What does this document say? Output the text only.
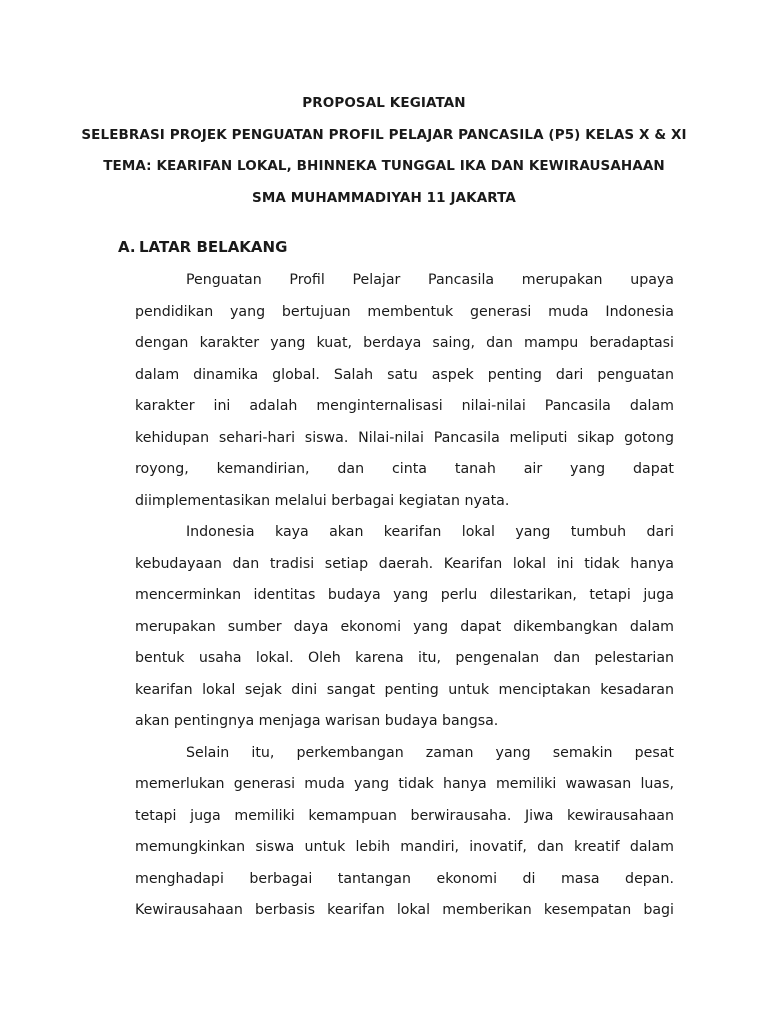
PROPOSAL KEGIATAN
SELEBRASI PROJEK PENGUATAN PROFIL PELAJAR PANCASILA (P5) KELAS X & XI
TEMA: KEARIFAN LOKAL, BHINNEKA TUNGGAL IKA DAN KEWIRAUSAHAAN
SMA MUHAMMADIYAH 11 JAKARTA
A. LATAR BELAKANG
Penguatan Profil Pelajar Pancasila merupakan upaya
pendidikan yang bertujuan membentuk generasi muda Indonesia
dengan karakter yang kuat, berdaya saing, dan mampu beradaptasi
dalam dinamika global. Salah satu aspek penting dari penguatan
karakter ini adalah menginternalisasi nilai-nilai Pancasila dalam
kehidupan sehari-hari siswa. Nilai-nilai Pancasila meliputi sikap gotong
royong, kemandirian, dan cinta tanah air yang dapat
diimplementasikan melalui berbagai kegiatan nyata.
Indonesia kaya akan kearifan lokal yang tumbuh dari
kebudayaan dan tradisi setiap daerah. Kearifan lokal ini tidak hanya
mencerminkan identitas budaya yang perlu dilestarikan, tetapi juga
merupakan sumber daya ekonomi yang dapat dikembangkan dalam
bentuk usaha lokal. Oleh karena itu, pengenalan dan pelestarian
kearifan lokal sejak dini sangat penting untuk menciptakan kesadaran
akan pentingnya menjaga warisan budaya bangsa.
Selain itu, perkembangan zaman yang semakin pesat
memerlukan generasi muda yang tidak hanya memiliki wawasan luas,
tetapi juga memiliki kemampuan berwirausaha. Jiwa kewirausahaan
memungkinkan siswa untuk lebih mandiri, inovatif, dan kreatif dalam
menghadapi berbagai tantangan ekonomi di masa depan.
Kewirausahaan berbasis kearifan lokal memberikan kesempatan bagi
